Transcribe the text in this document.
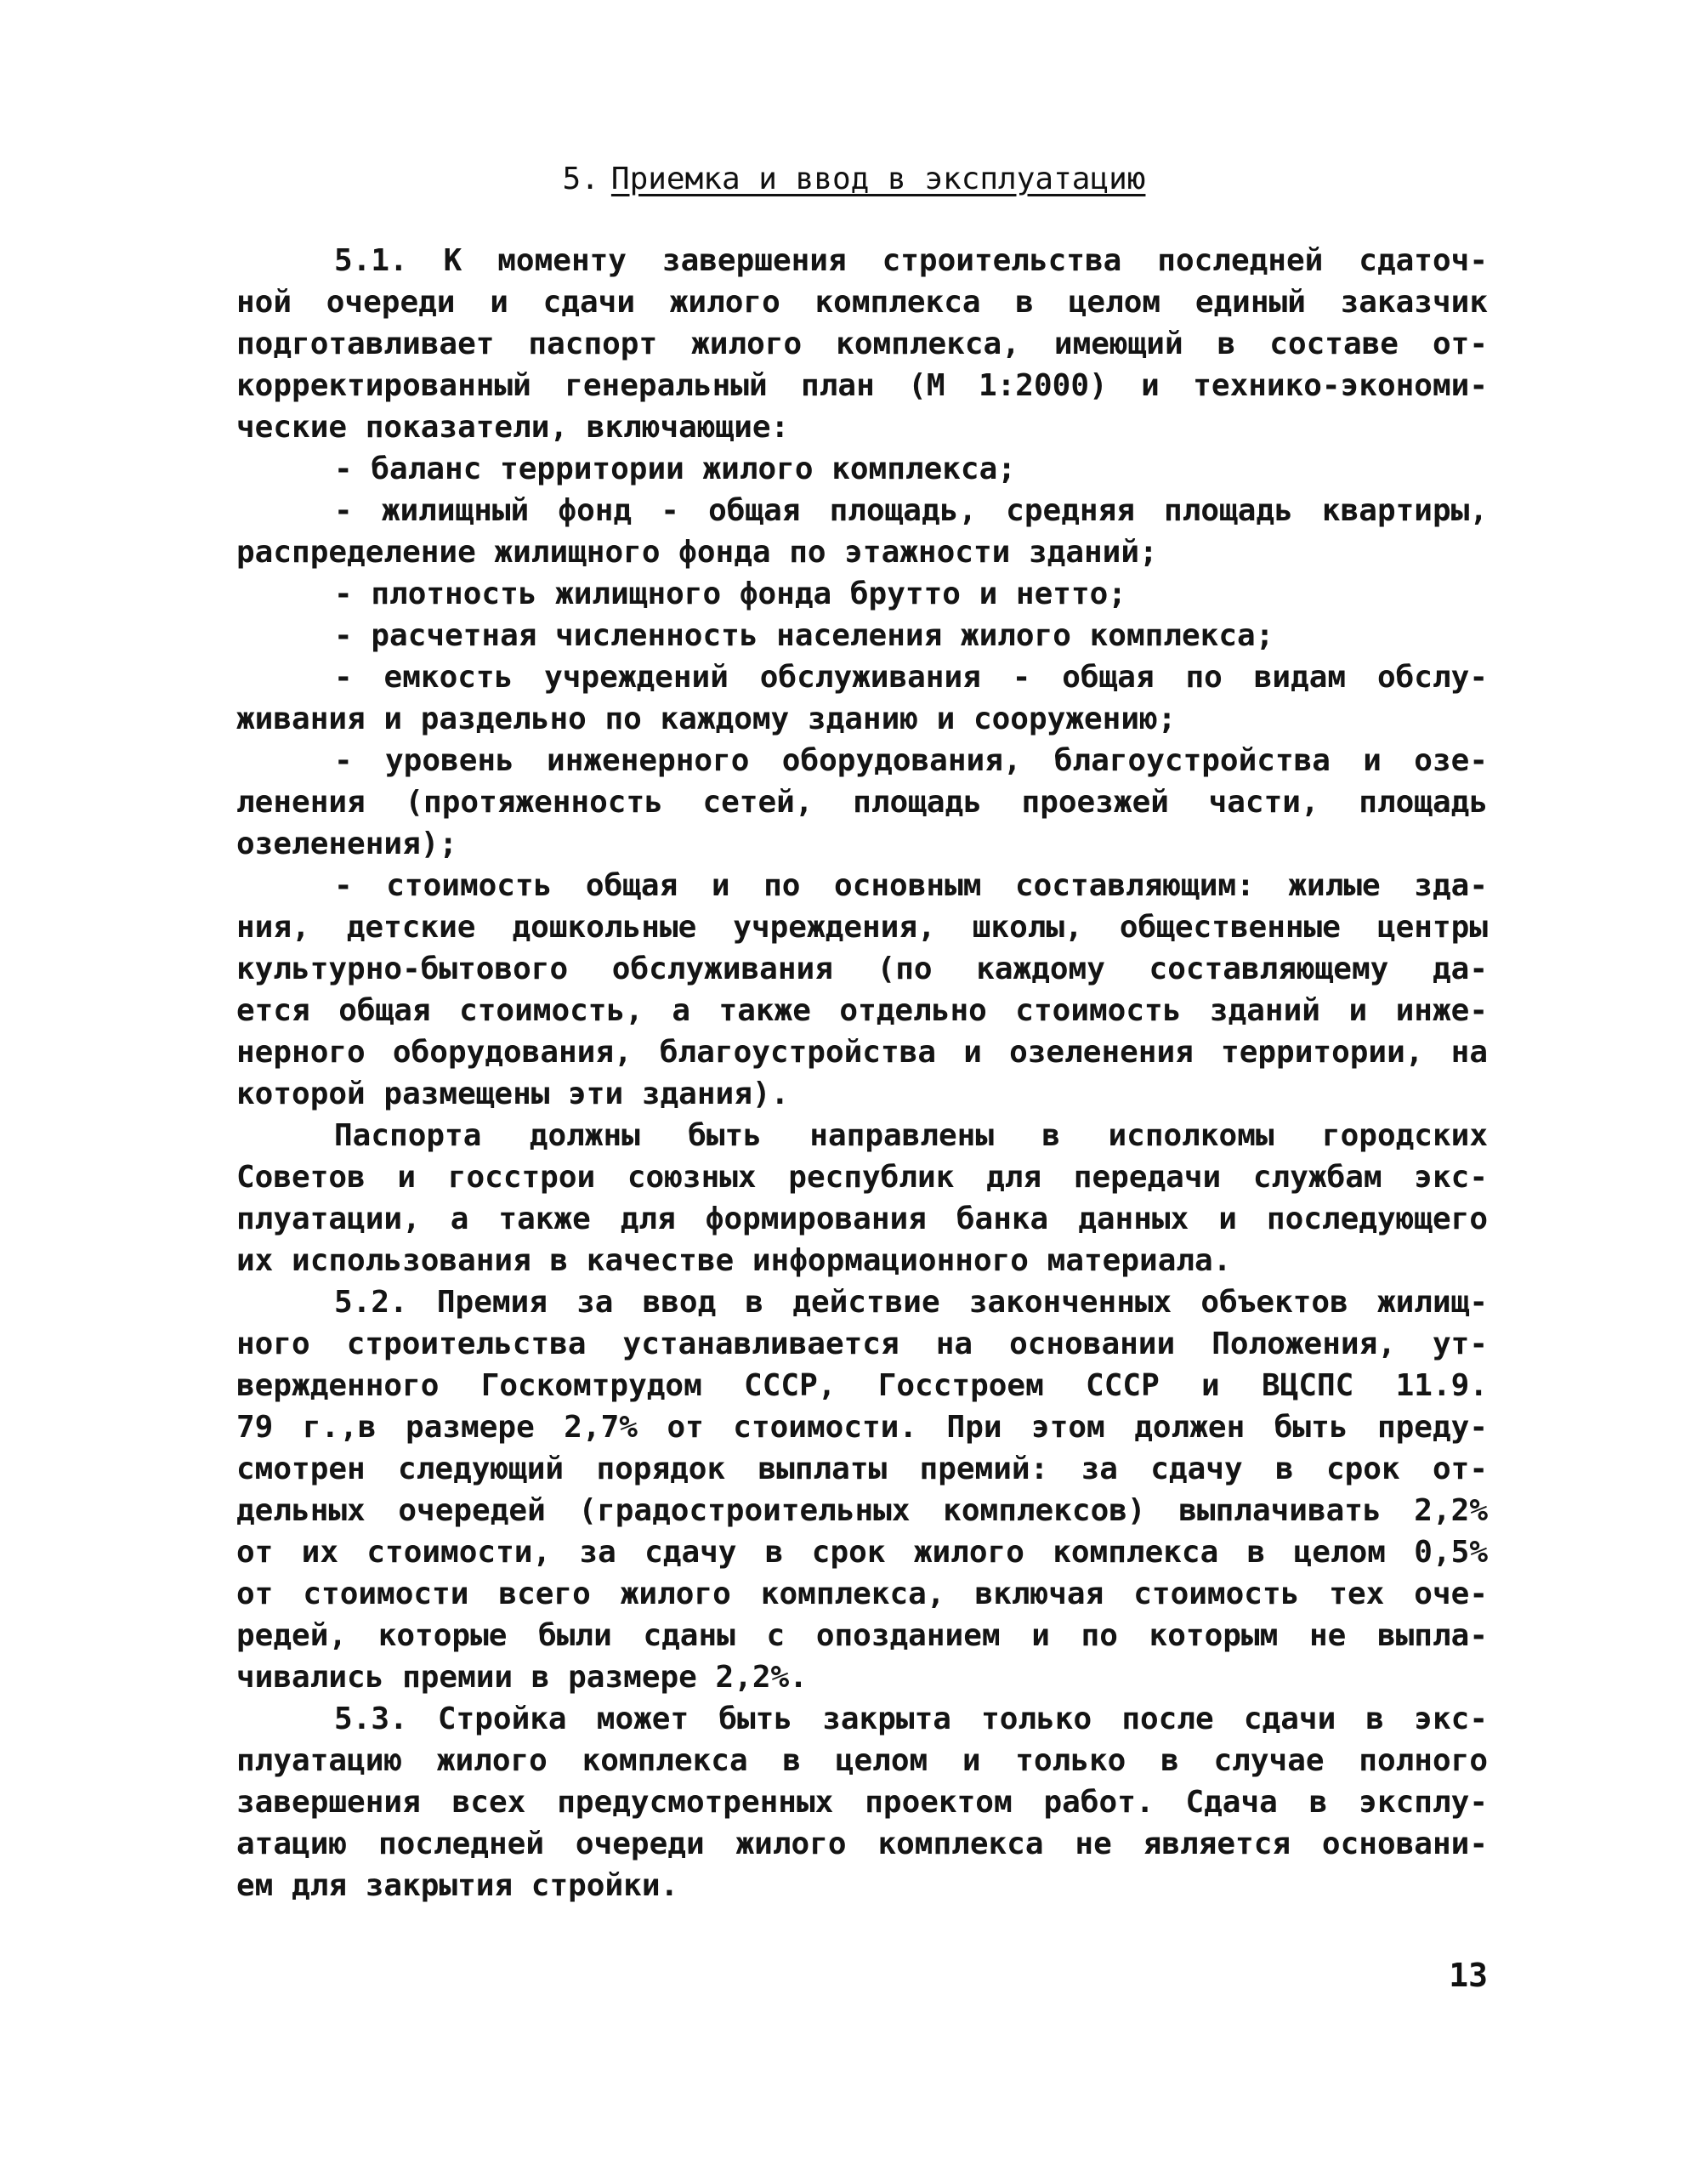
5. Приемка и ввод в эксплуатацию
5.1. К моменту завершения строительства последней сдаточ-
ной очереди и сдачи жилого комплекса в целом единый заказчик
подготавливает паспорт жилого комплекса, имеющий в составе от-
корректированный генеральный план (М 1:2000) и технико-экономи-
ческие показатели, включающие:
- баланс территории жилого комплекса;
- жилищный фонд - общая площадь, средняя площадь квартиры,
распределение жилищного фонда по этажности зданий;
- плотность жилищного фонда брутто и нетто;
- расчетная численность населения жилого комплекса;
- емкость учреждений обслуживания - общая по видам обслу-
живания и раздельно по каждому зданию и сооружению;
- уровень инженерного оборудования, благоустройства и озе-
ленения (протяженность сетей, площадь проезжей части, площадь
озеленения);
- стоимость общая и по основным составляющим: жилые зда-
ния, детские дошкольные учреждения, школы, общественные центры
культурно-бытового обслуживания (по каждому составляющему да-
ется общая стоимость, а также отдельно стоимость зданий и инже-
нерного оборудования, благоустройства и озеленения территории, на
которой размещены эти здания).
Паспорта должны быть направлены в исполкомы городских
Советов и госстрои союзных республик для передачи службам экс-
плуатации, а также для формирования банка данных и последующего
их использования в качестве информационного материала.
5.2. Премия за ввод в действие законченных объектов жилищ-
ного строительства устанавливается на основании Положения, ут-
вержденного Госкомтрудом СССР, Госстроем СССР и ВЦСПС 11.9.
79 г.,в размере 2,7% от стоимости. При этом должен быть преду-
смотрен следующий порядок выплаты премий: за сдачу в срок от-
дельных очередей (градостроительных комплексов) выплачивать 2,2%
от их стоимости, за сдачу в срок жилого комплекса в целом 0,5%
от стоимости всего жилого комплекса, включая стоимость тех оче-
редей, которые были сданы с опозданием и по которым не выпла-
чивались премии в размере 2,2%.
5.3. Стройка может быть закрыта только после сдачи в экс-
плуатацию жилого комплекса в целом и только в случае полного
завершения всех предусмотренных проектом работ. Сдача в эксплу-
атацию последней очереди жилого комплекса не является основани-
ем для закрытия стройки.
13
